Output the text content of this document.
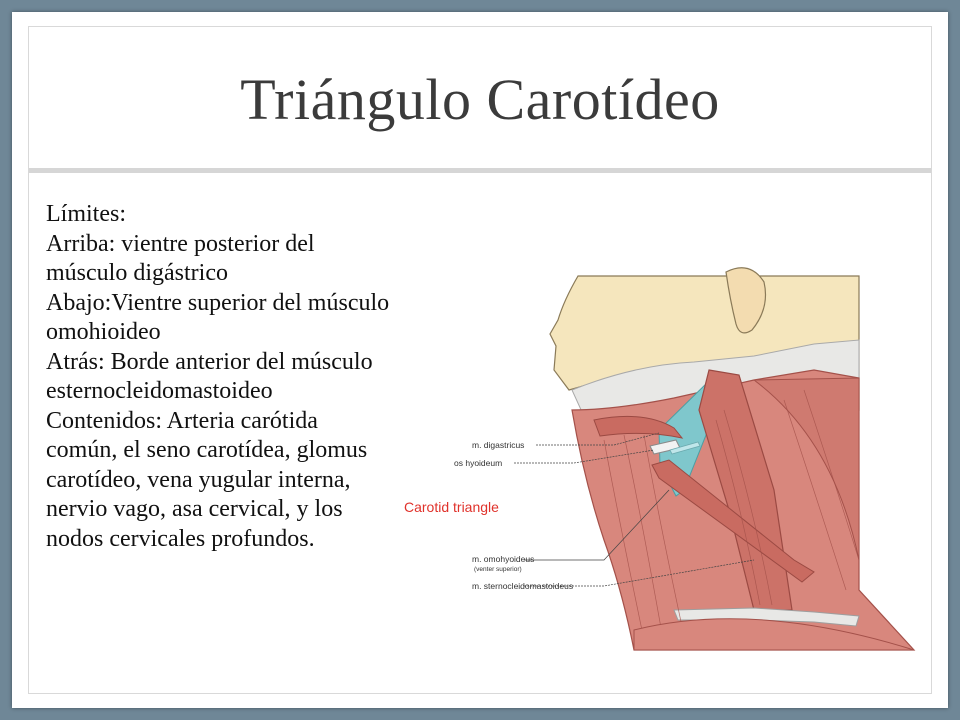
Triángulo Carotídeo
Límites:
Arriba: vientre posterior del
músculo digástrico
Abajo:Vientre superior del músculo
omohioideo
Atrás: Borde anterior del músculo
esternocleidomastoideo
Contenidos: Arteria carótida
común, el seno carotídea, glomus
carotídeo, vena yugular interna,
nervio vago, asa cervical, y los
nodos cervicales profundos.
m. digastricus
os hyoideum
Carotid triangle
m. omohyoideus
(venter superior)
m. sternocleidomastoideus
